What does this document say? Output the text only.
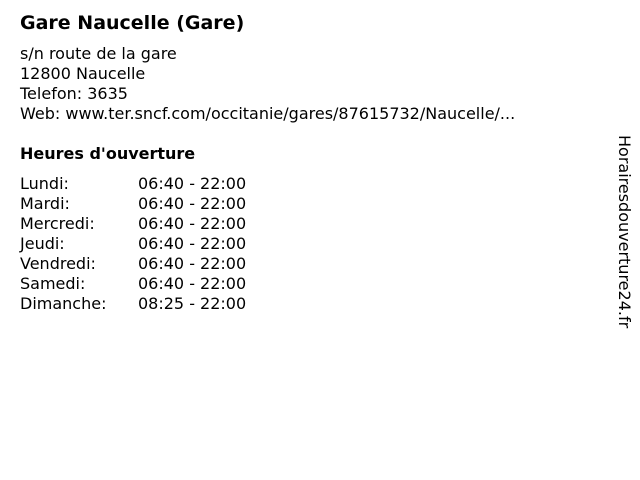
Gare Naucelle (Gare)
s/n route de la gare
12800 Naucelle
Telefon: 3635
Web: www.ter.sncf.com/occitanie/gares/87615732/Naucelle/...
Heures d'ouverture
Lundi:	06:40 - 22:00
Mardi:	06:40 - 22:00
Mercredi:	06:40 - 22:00
Jeudi:	06:40 - 22:00
Vendredi:	06:40 - 22:00
Samedi:	06:40 - 22:00
Dimanche:	08:25 - 22:00	Horairesdouverture24.fr
